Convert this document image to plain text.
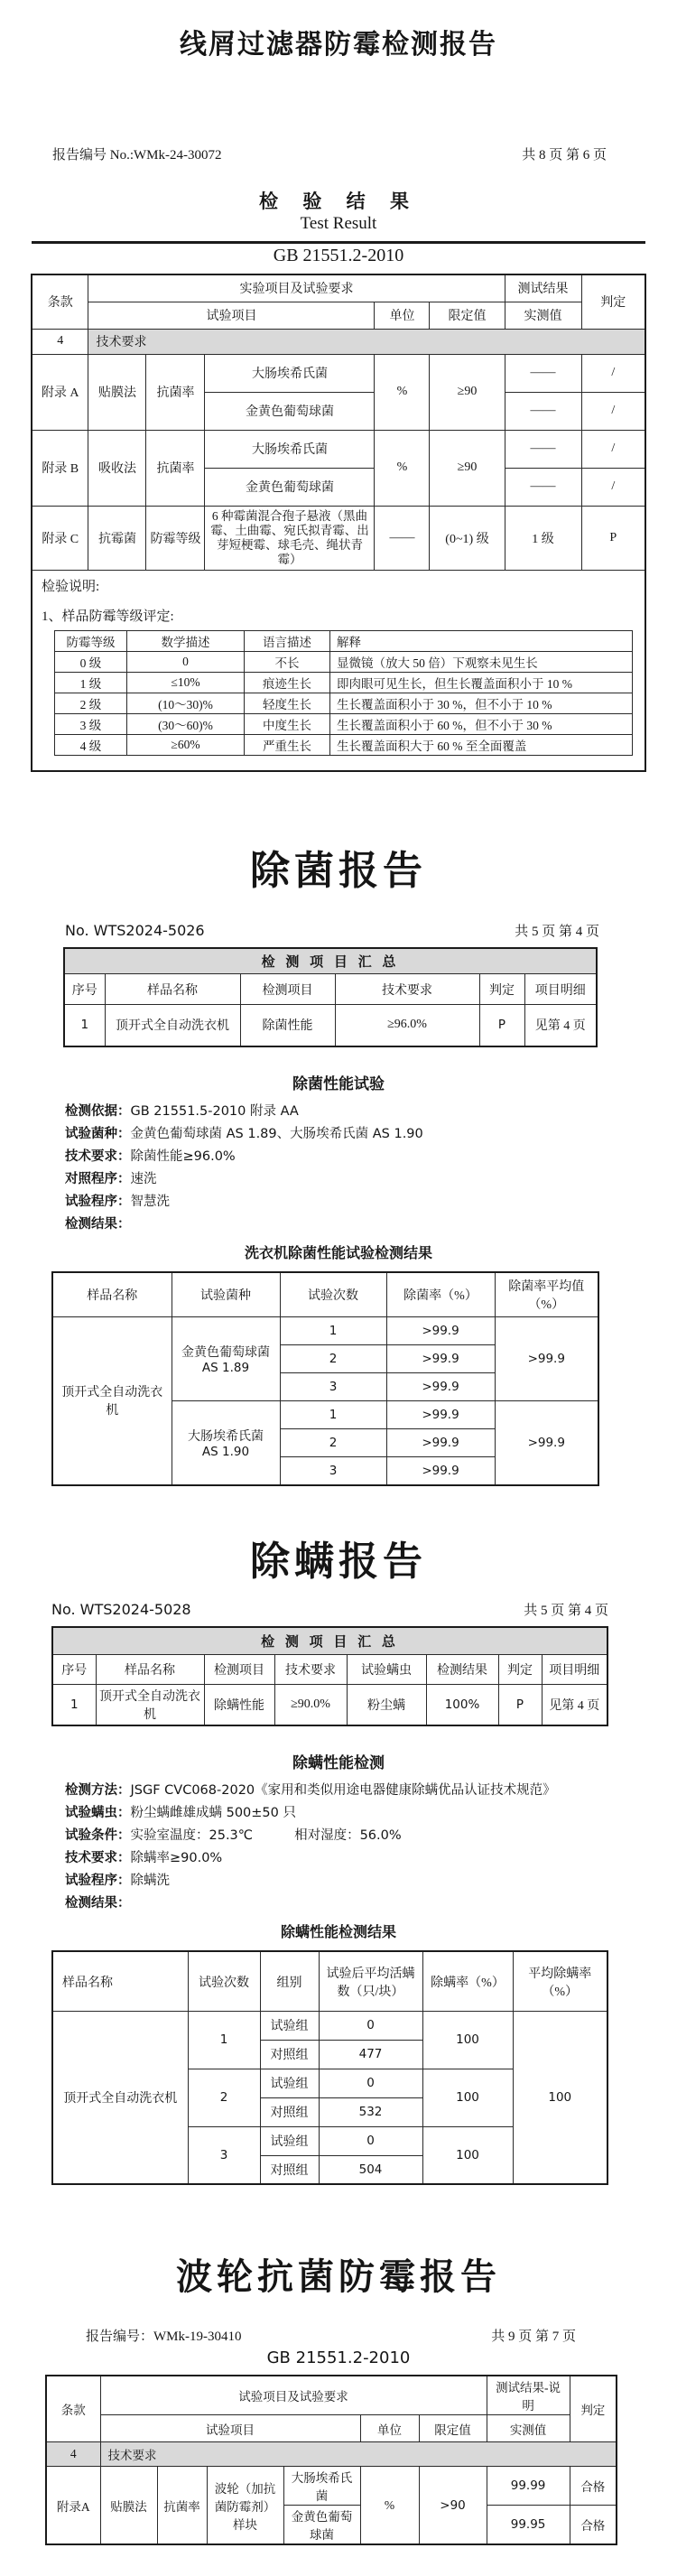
线屑过滤器防霉检测报告
报告编号 No.:WMk-24-30072	共 8 页 第 6 页
检 验 结 果
Test Result
GB 21551.2-2010
条款	实验项目及试验要求	测试结果	判定
试验项目	单位	限定值	实测值
4	技术要求
附录 A	贴膜法	抗菌率	大肠埃希氏菌	%	≥90	——	/
金黄色葡萄球菌	——	/
附录 B	吸收法	抗菌率	大肠埃希氏菌	%	≥90	——	/
金黄色葡萄球菌	——	/
附录 C	抗霉菌	防霉等级	6 种霉菌混合孢子悬液（黑曲霉、土曲霉、宛氏拟青霉、出芽短梗霉、球毛壳、绳状青霉）	——	(0~1) 级	1 级	P

检验说明:
1、样品防霉等级评定:
防霉等级	数学描述	语言描述	解释
0 级	0	不长	显微镜（放大 50 倍）下观察未见生长
1 级	≤10%	痕迹生长	即肉眼可见生长，但生长覆盖面积小于 10 %
2 级	(10～30)%	轻度生长	生长覆盖面积小于 30 %，但不小于 10 %
3 级	(30～60)%	中度生长	生长覆盖面积小于 60 %，但不小于 30 %
4 级	≥60%	严重生长	生长覆盖面积大于 60 % 至全面覆盖
除菌报告
No. WTS2024-5026	共 5 页 第 4 页
检 测 项 目 汇 总					
序号	样品名称	检测项目	技术要求	判定	项目明细
1	顶开式全自动洗衣机	除菌性能	≥96.0%	P	见第 4 页
除菌性能试验
检测依据：GB 21551.5-2010 附录 AA
试验菌种：金黄色葡萄球菌 AS 1.89、大肠埃希氏菌 AS 1.90
技术要求：除菌性能≥96.0%
对照程序：速洗
试验程序：智慧洗
检测结果：
洗衣机除菌性能试验检测结果
样品名称	试验菌种	试验次数	除菌率（%）	除菌率平均值（%）
顶开式全自动洗衣机	金黄色葡萄球菌
AS 1.89	1	>99.9	>99.9
		2	>99.9	
		3	>99.9	

	大肠埃希氏菌
AS 1.90	1	>99.9	>99.9
		2	>99.9	
		3	>99.9	
除螨报告
No. WTS2024-5028	共 5 页 第 4 页
检 测 项 目 汇 总							
序号	样品名称	检测项目	技术要求	试验螨虫	检测结果	判定	项目明细
1	顶开式全自动洗衣机	除螨性能	≥90.0%	粉尘螨	100%	P	见第 4 页
除螨性能检测
检测方法：JSGF CVC068-2020《家用和类似用途电器健康除螨优品认证技术规范》
试验螨虫：粉尘螨雌雄成螨 500±50 只
试验条件：实验室温度：25.3℃	相对湿度：56.0%
技术要求：除螨率≥90.0%
试验程序：除螨洗
检测结果：
除螨性能检测结果
样品名称	试验次数	组别	试验后平均活螨数（只/块）	除螨率（%）	平均除螨率（%）
顶开式全自动洗衣机	1	试验组	0	100	100
		对照组	477		
	2	试验组	0	100	
		对照组	532		
	3	试验组	0	100	
		对照组	504		
波轮抗菌防霉报告
报告编号：WMk-19-30410	共 9 页 第 7 页
GB 21551.2-2010
条款	试验项目及试验要求						测试结果-说明	判定
	试验项目				单位	限定值	实测值	
4	技术要求							
附录A	贴膜法	抗菌率	波轮（加抗菌防霉剂）样块	大肠埃希氏菌	%	>90	99.99	合格
				金黄色葡萄球菌			99.95	合格
